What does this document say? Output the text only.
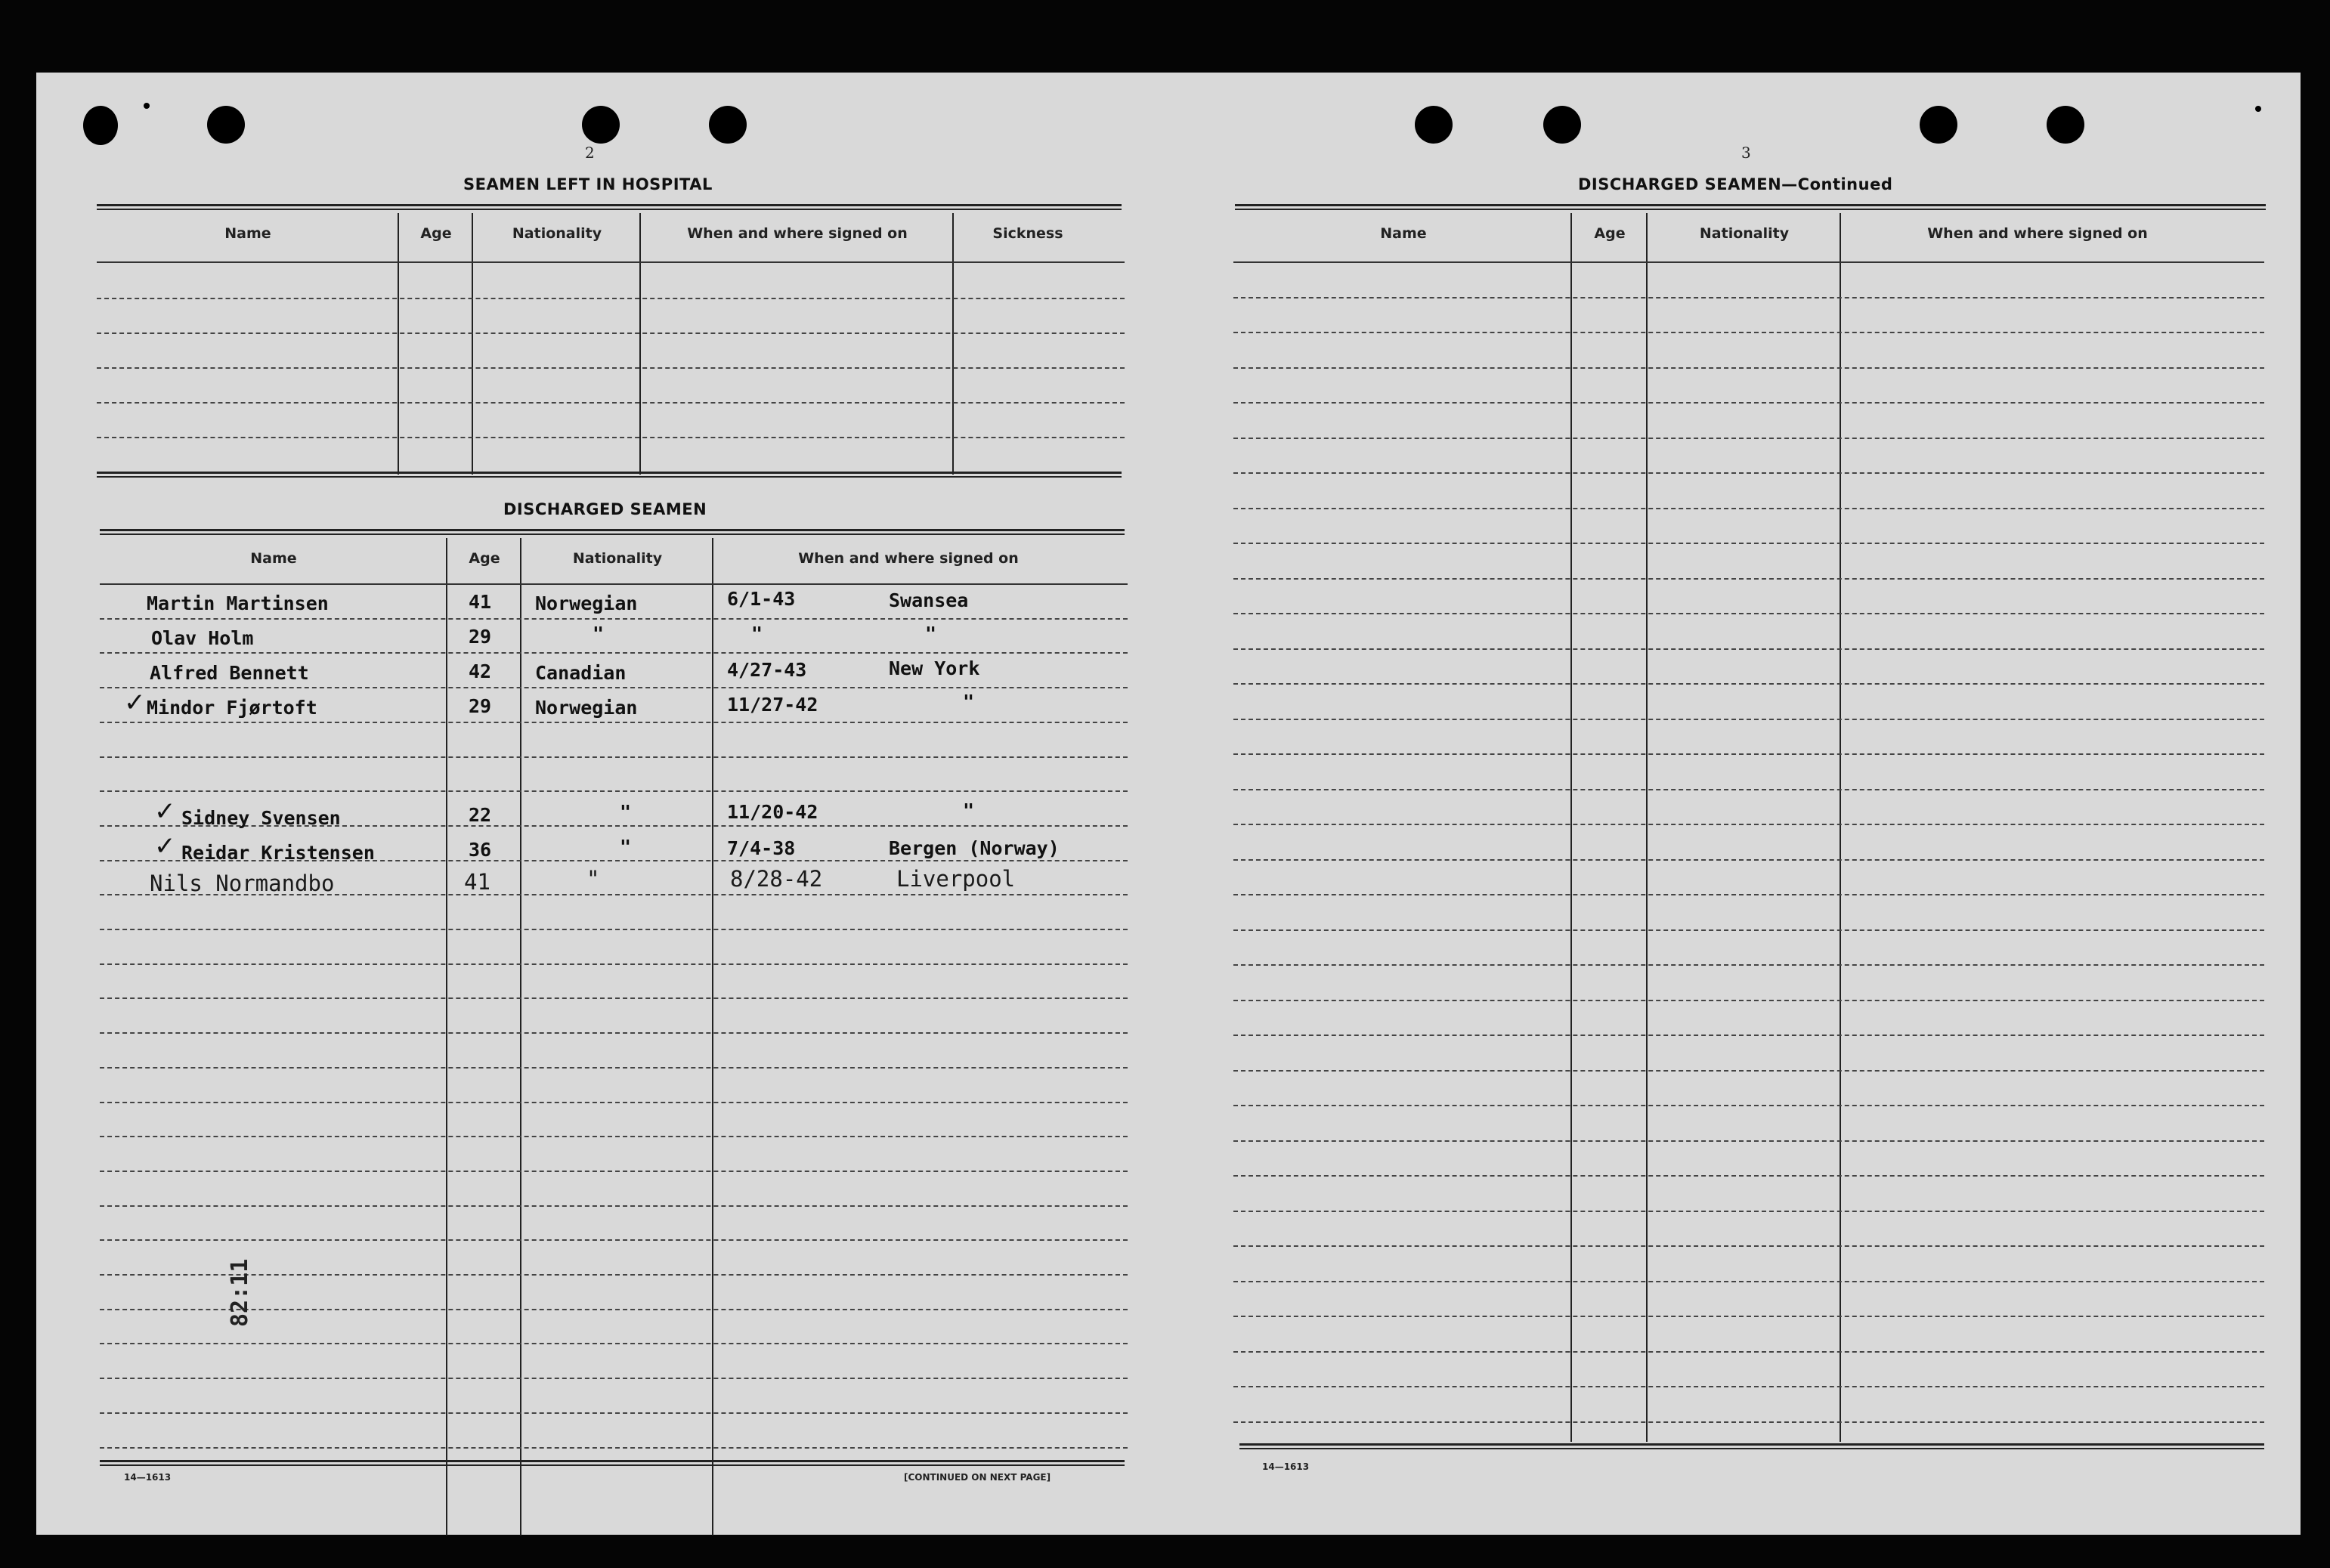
2
SEAMEN LEFT IN HOSPITAL
Name	Age	Nationality	When and where signed on	Sickness
DISCHARGED SEAMEN
Name	Age	Nationality	When and where signed on
Martin Martinsen	41 Norwegian	6/1-43	Swansea
Olav Holm	29	"	"	"
Alfred Bennett	42 Canadian	4/27-43	New York
✓ Mindor Fjørtoft	29 Norwegian	11/27-42	"
✓ Sidney Svensen	22	"	11/20-42	"
✓ Reidar Kristensen	36	"	7/4-38	Bergen (Norway)
Nils Normandbo	41	"	8/28-42	Liverpool
82:11
14—1613	[CONTINUED ON NEXT PAGE]
3
DISCHARGED SEAMEN—Continued
Name	Age	Nationality	When and where signed on
14—1613
